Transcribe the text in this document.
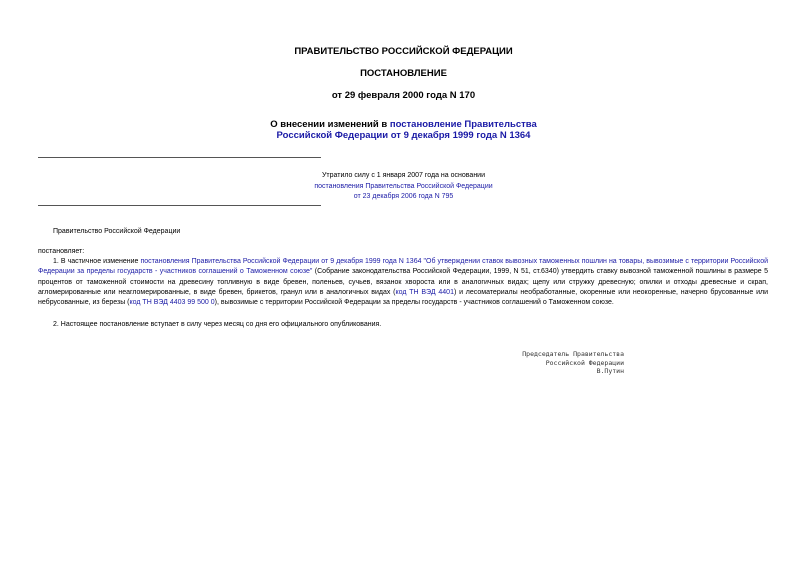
ПРАВИТЕЛЬСТВО РОССИЙСКОЙ ФЕДЕРАЦИИ
ПОСТАНОВЛЕНИЕ
от 29 февраля 2000 года N 170
О внесении изменений в постановление Правительства
Российской Федерации от 9 декабря 1999 года N 1364
Утратило силу с 1 января 2007 года на основании
постановления Правительства Российской Федерации
от 23 декабря 2006 года N 795
Правительство Российской Федерации
постановляет:
1. В частичное изменение постановления Правительства Российской Федерации от 9 декабря 1999 года N 1364 "Об утверждении ставок вывозных таможенных пошлин на товары, вывозимые с территории Российской Федерации за пределы государств - участников соглашений о Таможенном союзе" (Собрание законодательства Российской Федерации, 1999, N 51, ст.6340) утвердить ставку вывозной таможенной пошлины в размере 5 процентов от таможенной стоимости на древесину топливную в виде бревен, поленьев, сучьев, вязанок хвороста или в аналогичных видах; щепу или стружку древесную; опилки и отходы древесные и скрап, агломерированные или неагломерированные, в виде бревен, брикетов, гранул или в аналогичных видах (код ТН ВЭД 4401) и лесоматериалы необработанные, окоренные или неокоренные, начерно брусованные или небрусованные, из березы (код ТН ВЭД 4403 99 500 0), вывозимые с территории Российской Федерации за пределы государств - участников соглашений о Таможенном союзе.
2. Настоящее постановление вступает в силу через месяц со дня его официального опубликования.
Председатель Правительства
Российской Федерации
В.Путин
